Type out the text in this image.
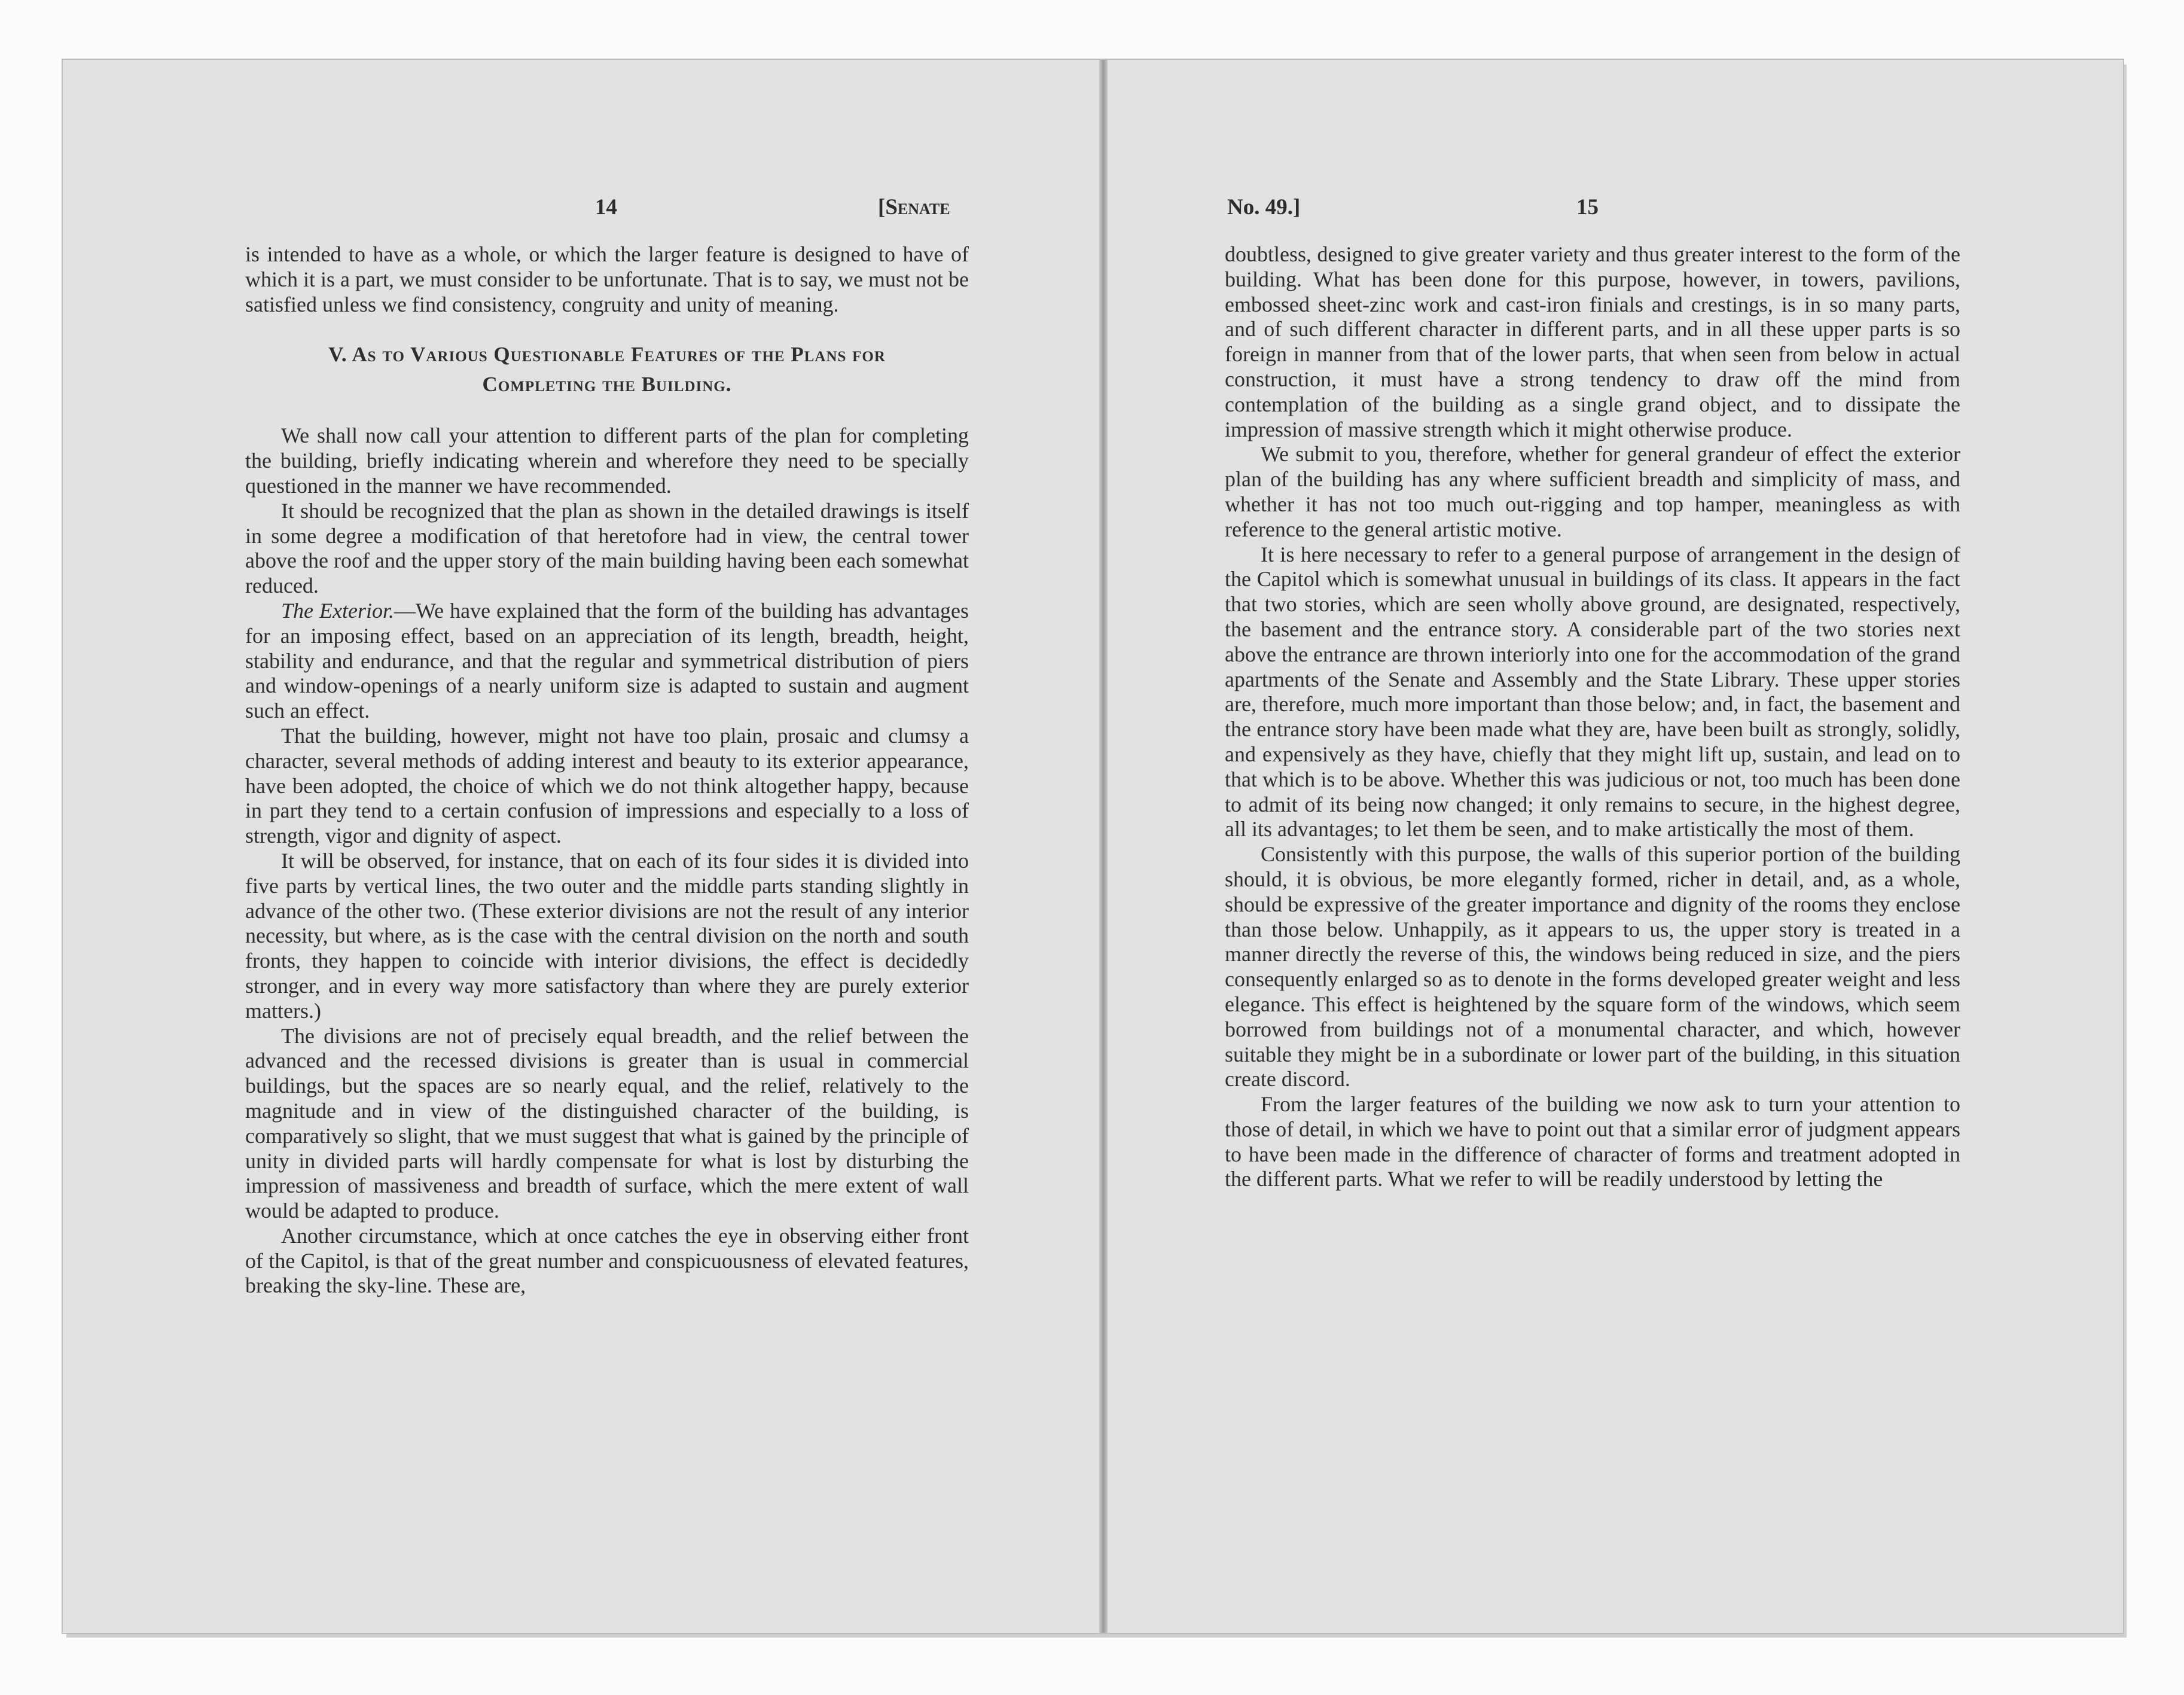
14	[Senate	No. 49.]	15

is intended to have as a whole, or which the larger feature is designed to have of which it is a part, we must consider to be unfortunate. That is to say, we must not be satisfied unless we find consistency, congruity and unity of meaning.

V. As to Various Questionable Features of the Plans for
Completing the Building.

We shall now call your attention to different parts of the plan for completing the building, briefly indicating wherein and wherefore they need to be specially questioned in the manner we have recommended.

It should be recognized that the plan as shown in the detailed drawings is itself in some degree a modification of that heretofore had in view, the central tower above the roof and the upper story of the main building having been each somewhat reduced.

The Exterior.—We have explained that the form of the building has advantages for an imposing effect, based on an appreciation of its length, breadth, height, stability and endurance, and that the regular and symmetrical distribution of piers and window-openings of a nearly uniform size is adapted to sustain and augment such an effect.

That the building, however, might not have too plain, prosaic and clumsy a character, several methods of adding interest and beauty to its exterior appearance, have been adopted, the choice of which we do not think altogether happy, because in part they tend to a certain confusion of impressions and especially to a loss of strength, vigor and dignity of aspect.

It will be observed, for instance, that on each of its four sides it is divided into five parts by vertical lines, the two outer and the middle parts standing slightly in advance of the other two. (These exterior divisions are not the result of any interior necessity, but where, as is the case with the central division on the north and south fronts, they happen to coincide with interior divisions, the effect is decidedly stronger, and in every way more satisfactory than where they are purely exterior matters.)

The divisions are not of precisely equal breadth, and the relief between the advanced and the recessed divisions is greater than is usual in commercial buildings, but the spaces are so nearly equal, and the relief, relatively to the magnitude and in view of the distinguished character of the building, is comparatively so slight, that we must suggest that what is gained by the principle of unity in divided parts will hardly compensate for what is lost by disturbing the impression of massiveness and breadth of surface, which the mere extent of wall would be adapted to produce.

Another circumstance, which at once catches the eye in observing either front of the Capitol, is that of the great number and conspicuousness of elevated features, breaking the sky-line. These are,

doubtless, designed to give greater variety and thus greater interest to the form of the building. What has been done for this purpose, however, in towers, pavilions, embossed sheet-zinc work and cast-iron finials and crestings, is in so many parts, and of such different character in different parts, and in all these upper parts is so foreign in manner from that of the lower parts, that when seen from below in actual construction, it must have a strong tendency to draw off the mind from contemplation of the building as a single grand object, and to dissipate the impression of massive strength which it might otherwise produce.

We submit to you, therefore, whether for general grandeur of effect the exterior plan of the building has any where sufficient breadth and simplicity of mass, and whether it has not too much out-rigging and top hamper, meaningless as with reference to the general artistic motive.

It is here necessary to refer to a general purpose of arrangement in the design of the Capitol which is somewhat unusual in buildings of its class. It appears in the fact that two stories, which are seen wholly above ground, are designated, respectively, the basement and the entrance story. A considerable part of the two stories next above the entrance are thrown interiorly into one for the accommodation of the grand apartments of the Senate and Assembly and the State Library. These upper stories are, therefore, much more important than those below; and, in fact, the basement and the entrance story have been made what they are, have been built as strongly, solidly, and expensively as they have, chiefly that they might lift up, sustain, and lead on to that which is to be above. Whether this was judicious or not, too much has been done to admit of its being now changed; it only remains to secure, in the highest degree, all its advantages; to let them be seen, and to make artistically the most of them.

Consistently with this purpose, the walls of this superior portion of the building should, it is obvious, be more elegantly formed, richer in detail, and, as a whole, should be expressive of the greater importance and dignity of the rooms they enclose than those below. Unhappily, as it appears to us, the upper story is treated in a manner directly the reverse of this, the windows being reduced in size, and the piers consequently enlarged so as to denote in the forms developed greater weight and less elegance. This effect is heightened by the square form of the windows, which seem borrowed from buildings not of a monumental character, and which, however suitable they might be in a subordinate or lower part of the building, in this situation create discord.

From the larger features of the building we now ask to turn your attention to those of detail, in which we have to point out that a similar error of judgment appears to have been made in the difference of character of forms and treatment adopted in the different parts. What we refer to will be readily understood by letting the
